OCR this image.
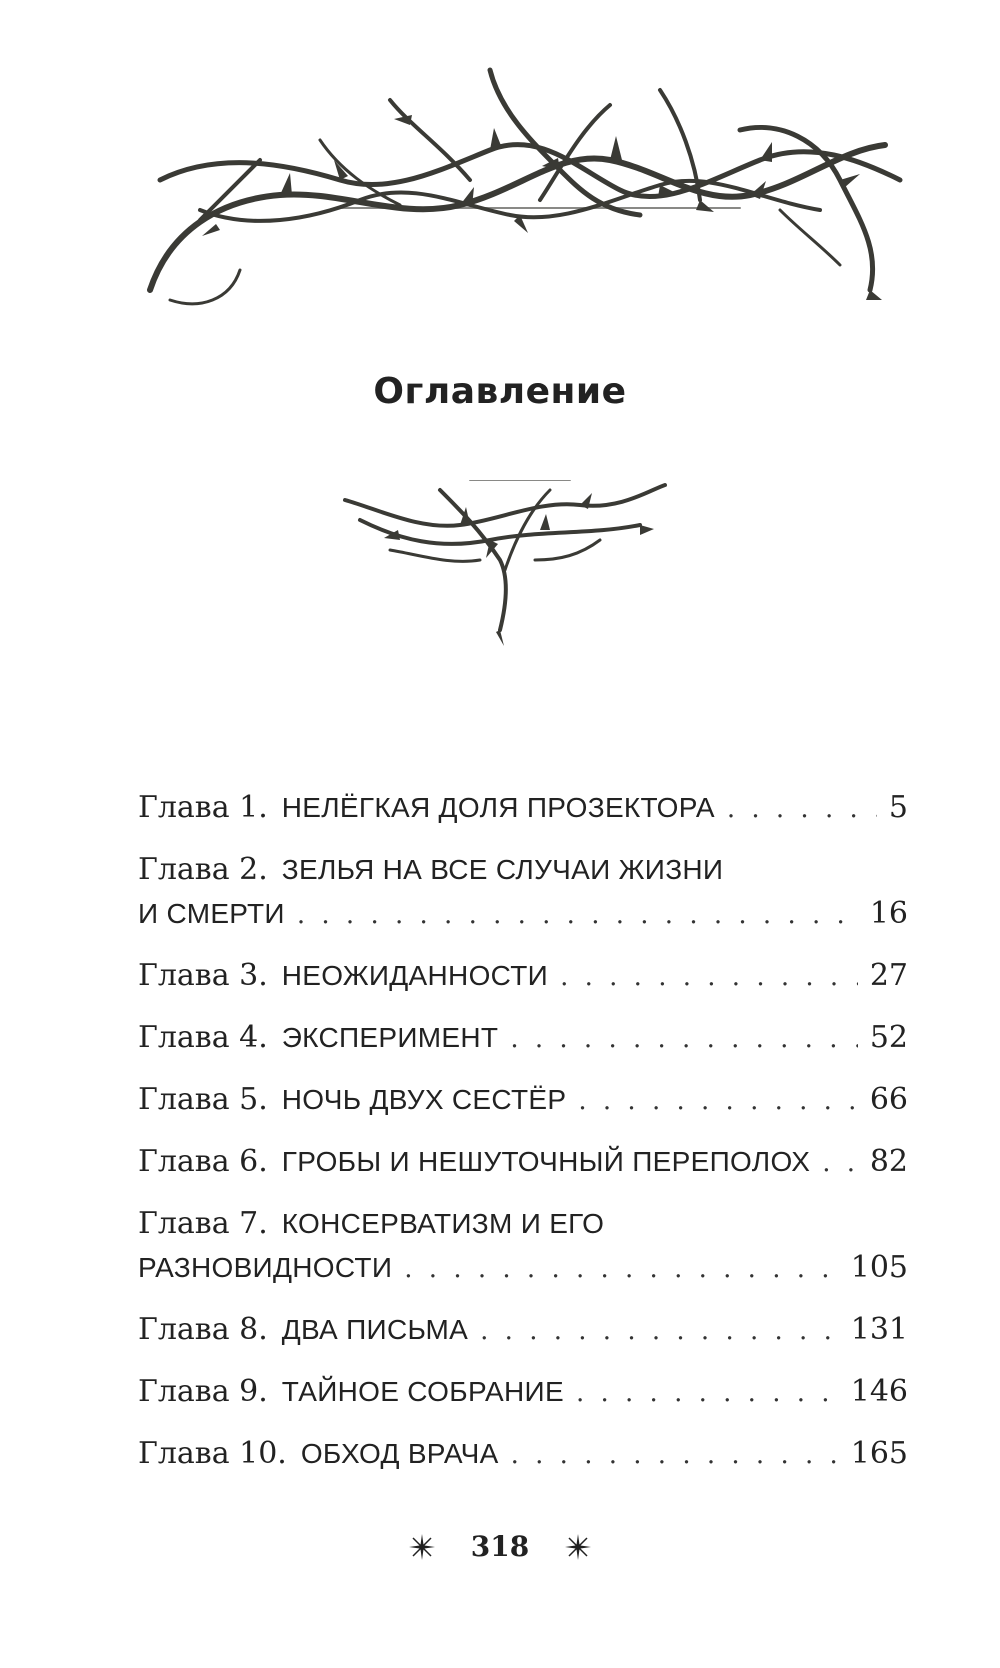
Оглавление
Глава 1. НЕЛЁГКАЯ ДОЛЯ ПРОЗЕКТОРА . . .	5
Глава 2. ЗЕЛЬЯ НА ВСЕ СЛУЧАИ ЖИЗНИ
И СМЕРТИ . . .	16
Глава 3. НЕОЖИДАННОСТИ . . .	27
Глава 4. ЭКСПЕРИМЕНТ . . .	52
Глава 5. НОЧЬ ДВУХ СЕСТЁР . . .	66
Глава 6. ГРОБЫ И НЕШУТОЧНЫЙ ПЕРЕПОЛОХ . . . 82
Глава 7. КОНСЕРВАТИЗМ И ЕГО
РАЗНОВИДНОСТИ . . .	105
Глава 8. ДВА ПИСЬМА . . .	131
Глава 9. ТАЙНОЕ СОБРАНИЕ . . .	146
Глава 10. ОБХОД ВРАЧА . . .	165
318
